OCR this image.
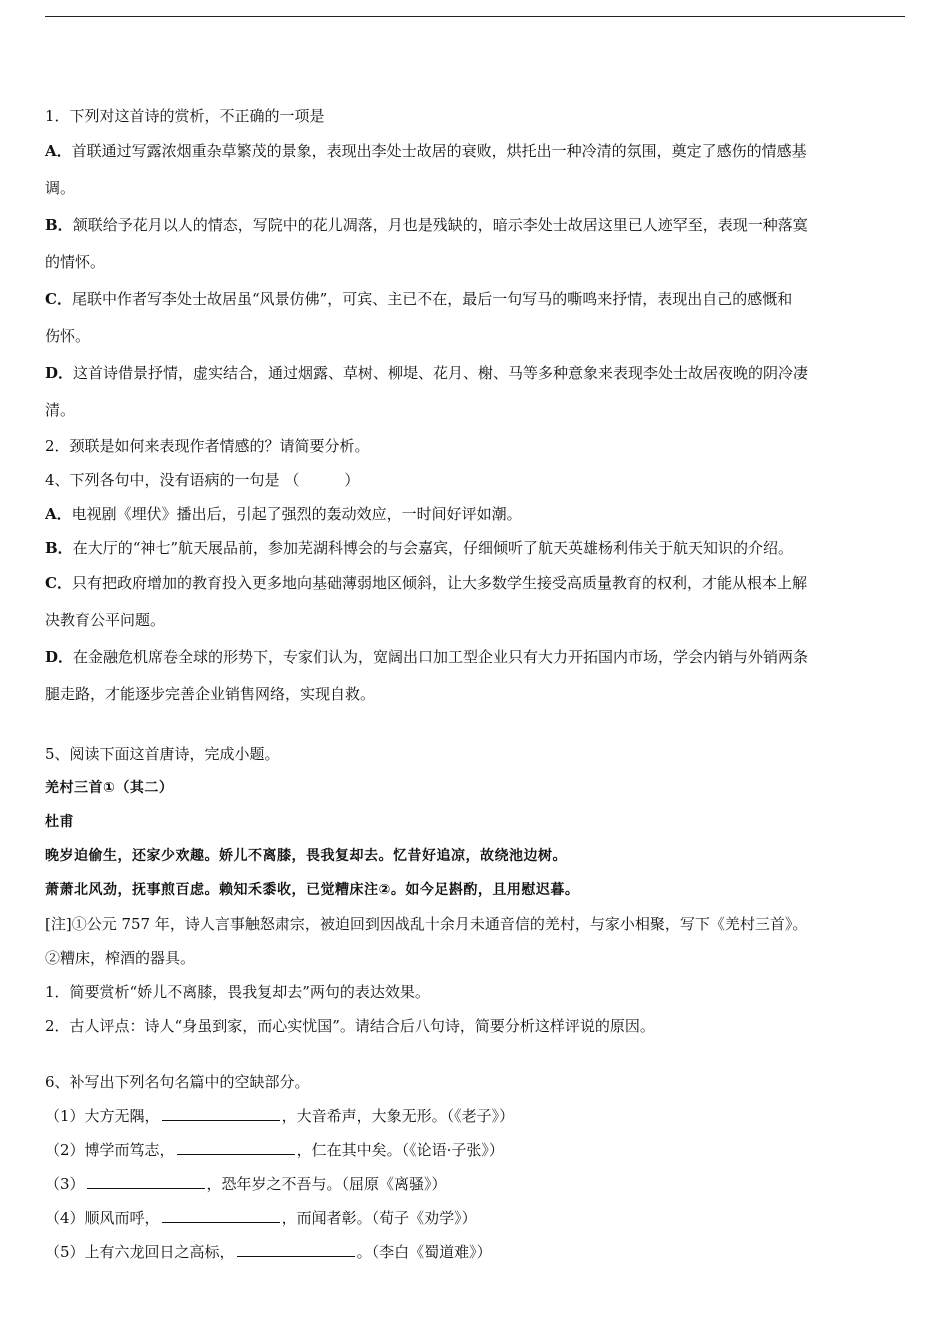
1．下列对这首诗的赏析，不正确的一项是
A．首联通过写露浓烟重杂草繁茂的景象，表现出李处士故居的衰败，烘托出一种冷清的氛围，奠定了感伤的情感基
调。
B．颔联给予花月以人的情态，写院中的花儿凋落，月也是残缺的，暗示李处士故居这里已人迹罕至，表现一种落寞
的情怀。
C．尾联中作者写李处士故居虽“风景仿佛”，可宾、主已不在，最后一句写马的嘶鸣来抒情，表现出自己的感慨和
伤怀。
D．这首诗借景抒情，虚实结合，通过烟露、草树、柳堤、花月、榭、马等多种意象来表现李处士故居夜晚的阴冷凄
清。
2．颈联是如何来表现作者情感的？请简要分析。
4、下列各句中，没有语病的一句是 （　　　）
A．电视剧《埋伏》播出后，引起了强烈的轰动效应，一时间好评如潮。
B．在大厅的“神七”航天展品前，参加芜湖科博会的与会嘉宾，仔细倾听了航天英雄杨利伟关于航天知识的介绍。
C．只有把政府增加的教育投入更多地向基础薄弱地区倾斜，让大多数学生接受高质量教育的权利，才能从根本上解
决教育公平问题。
D．在金融危机席卷全球的形势下，专家们认为，宽阔出口加工型企业只有大力开拓国内市场，学会内销与外销两条
腿走路，才能逐步完善企业销售网络，实现自救。
5、阅读下面这首唐诗，完成小题。
羌村三首①（其二）
杜甫
晚岁迫偷生，还家少欢趣。娇儿不离膝，畏我复却去。忆昔好追凉，故绕池边树。
萧萧北风劲，抚事煎百虑。赖知禾黍收，已觉糟床注②。如今足斟酌，且用慰迟暮。
[注]①公元 757 年，诗人言事触怒肃宗，被迫回到因战乱十余月未通音信的羌村，与家小相聚，写下《羌村三首》。
②糟床，榨酒的器具。
1．简要赏析“娇儿不离膝，畏我复却去”两句的表达效果。
2．古人评点：诗人“身虽到家，而心实忧国”。请结合后八句诗，简要分析这样评说的原因。
6、补写出下列名句名篇中的空缺部分。
（1）大方无隅，	，大音希声，大象无形。（《老子》）
（2）博学而笃志，	，仁在其中矣。（《论语·子张》）
（3）	，恐年岁之不吾与。（屈原《离骚》）
（4）顺风而呼，	，而闻者彰。（荀子《劝学》）
（5）上有六龙回日之高标，	。（李白《蜀道难》）
